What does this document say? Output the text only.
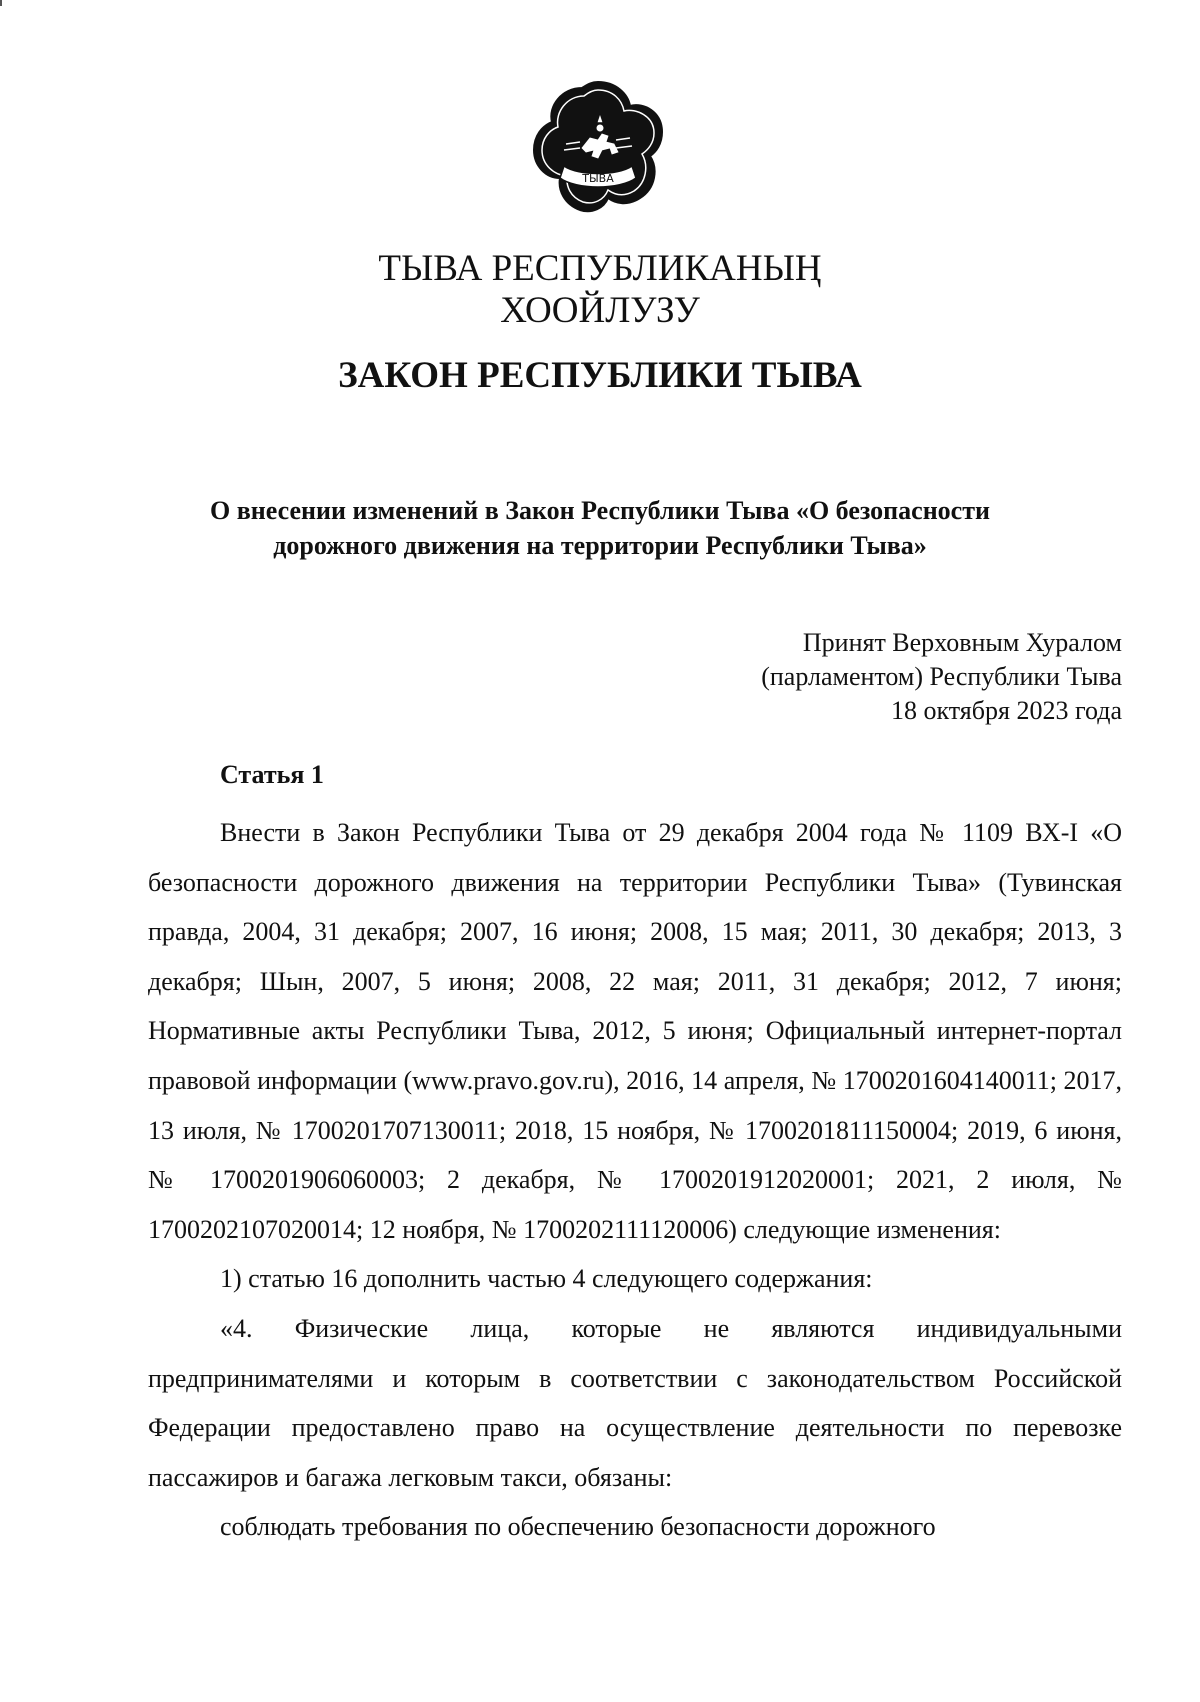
ТЫВА
ТЫВА РЕСПУБЛИКАНЫҢ
ХООЙЛУЗУ
ЗАКОН РЕСПУБЛИКИ ТЫВА
О внесении изменений в Закон Республики Тыва «О безопасности
дорожного движения на территории Республики Тыва»
Принят Верховным Хуралом
(парламентом) Республики Тыва
18 октября 2023 года
Статья 1

Внести в Закон Республики Тыва от 29 декабря 2004 года № 1109 ВХ-I «О безопасности дорожного движения на территории Республики Тыва» (Тувинская правда, 2004, 31 декабря; 2007, 16 июня; 2008, 15 мая; 2011, 30 декабря; 2013, 3 декабря; Шын, 2007, 5 июня; 2008, 22 мая; 2011, 31 декабря; 2012, 7 июня; Нормативные акты Республики Тыва, 2012, 5 июня; Официальный интернет-портал правовой информации (www.pravo.gov.ru), 2016, 14 апреля, № 1700201604140011; 2017, 13 июля, № 1700201707130011; 2018, 15 ноября, № 1700201811150004; 2019, 6 июня, № 1700201906060003; 2 декабря, № 1700201912020001; 2021, 2 июля, № 1700202107020014; 12 ноября, № 1700202111120006) следующие изменения:

1) статью 16 дополнить частью 4 следующего содержания:

«4. Физические лица, которые не являются индивидуальными предпринимателями и которым в соответствии с законодательством Российской Федерации предоставлено право на осуществление деятельности по перевозке пассажиров и багажа легковым такси, обязаны:

соблюдать требования по обеспечению безопасности дорожного
